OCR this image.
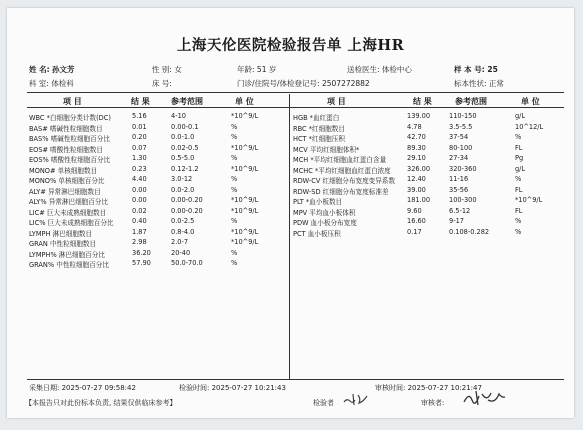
上海天伦医院检验报告单 上海HR
姓 名: 孙文芳	性 别: 女	年龄: 51 岁	送检医生: 体检中心	样 本 号: 25
科 室: 体检科	床 号:	门诊/住院号/体检登记号: 2507272882	标本性状: 正常
项 目	结 果	参考范围	单 位	项 目	结 果	参考范围	单 位
WBC *白细胞分类计数(DC)	5.16	4-10	*10^9/L
BAS# 嗜碱性粒细胞数目	0.01	0.00-0.1	%
BAS% 嗜碱性粒细胞百分比	0.20	0.0-1.0	%
EOS# 嗜酸性粒细胞数目	0.07	0.02-0.5	*10^9/L
EOS% 嗜酸性粒细胞百分比	1.30	0.5-5.0	%
MONO# 单核细胞数目	0.23	0.12-1.2	*10^9/L
MONO% 单核细胞百分比	4.40	3.0-12	%
ALY# 异常淋巴细胞数目	0.00	0.0-2.0	%
ALY% 异常淋巴细胞百分比	0.00	0.00-0.20	*10^9/L
LIC# 巨大未成熟细胞数目	0.02	0.00-0.20	*10^9/L
LIC% 巨大未成熟细胞百分比	0.40	0.0-2.5	%
LYMPH 淋巴细胞数目	1.87	0.8-4.0	*10^9/L
GRAN 中性粒细胞数目	2.98	2.0-7	*10^9/L
LYMPH% 淋巴细胞百分比	36.20	20-40	%
GRAN% 中性粒细胞百分比	57.90	50.0-70.0	%
HGB *血红蛋白	139.00	110-150	g/L
RBC *红细胞数目	4.78	3.5-5.5	10^12/L
HCT *红细胞压积	42.70	37-54	%
MCV 平均红细胞体积*	89.30	80-100	FL
MCH *平均红细胞血红蛋白含量	29.10	27-34	Pg
MCHC *平均红细胞血红蛋白浓度 326.00	320-360	g/L
RDW-CV 红细胞分布宽度变异系数 12.40	11-16	%
RDW-SD 红细胞分布宽度标准差	39.00	35-56	FL
PLT *血小板数目	181.00	100-300	*10^9/L
MPV 平均血小板体积	9.60	6.5-12	FL
PDW 血小板分布宽度	16.60	9-17	%
PCT 血小板压积	0.17	0.108-0.282	%
采集日期: 2025-07-27 09:58:42	检验时间: 2025-07-27 10:21:43	审核时间: 2025-07-27 10:21:47
【本报告只对此份标本负责, 结果仅供临床参考】	检验者	审核者:
